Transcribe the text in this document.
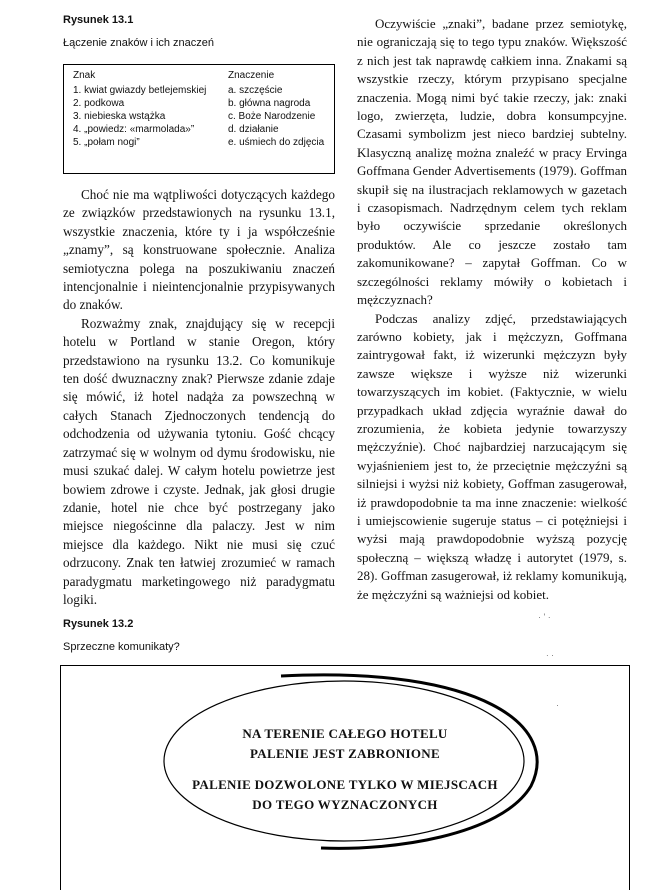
Rysunek 13.1
Łączenie znaków i ich znaczeń
Znak
1. kwiat gwiazdy betlejemskiej
2. podkowa
3. niebieska wstążka
4. „powiedz: «marmolada»”
5. „połam nogi”
Znaczenie
a. szczęście
b. główna nagroda
c. Boże Narodzenie
d. działanie
e. uśmiech do zdjęcia

Choć nie ma wątpliwości dotyczących każdego ze związków przedstawionych na rysunku 13.1, wszystkie znaczenia, które ty i ja współcześnie „znamy”, są konstruowane społecznie. Analiza semiotyczna polega na poszukiwaniu znaczeń intencjonalnie i nieintencjonalnie przypisywanych do znaków.

Rozważmy znak, znajdujący się w recepcji hotelu w Portland w stanie Oregon, który przedstawiono na rysunku 13.2. Co komunikuje ten dość dwuznaczny znak? Pierwsze zdanie zdaje się mówić, iż hotel nadąża za powszechną w całych Stanach Zjednoczonych tendencją do odchodzenia od używania tytoniu. Gość chcący zatrzymać się w wolnym od dymu środowisku, nie musi szukać dalej. W całym hotelu powietrze jest bowiem zdrowe i czyste. Jednak, jak głosi drugie zdanie, hotel nie chce być postrzegany jako miejsce niegościnne dla palaczy. Jest w nim miejsce dla każdego. Nikt nie musi się czuć odrzucony. Znak ten łatwiej zrozumieć w ramach paradygmatu marketingowego niż paradygmatu logiki.

Oczywiście „znaki”, badane przez semiotykę, nie ograniczają się to tego typu znaków. Większość z nich jest tak naprawdę całkiem inna. Znakami są wszystkie rzeczy, którym przypisano specjalne znaczenia. Mogą nimi być takie rzeczy, jak: znaki logo, zwierzęta, ludzie, dobra konsumpcyjne. Czasami symbolizm jest nieco bardziej subtelny. Klasyczną analizę można znaleźć w pracy Ervinga Goffmana Gender Advertisements (1979). Goffman skupił się na ilustracjach reklamowych w gazetach i czasopismach. Nadrzędnym celem tych reklam było oczywiście sprzedanie określonych produktów. Ale co jeszcze zostało tam zakomunikowane? – zapytał Goffman. Co w szczególności reklamy mówiły o kobietach i mężczyznach?

Podczas analizy zdjęć, przedstawiających zarówno kobiety, jak i mężczyzn, Goffmana zaintrygował fakt, iż wizerunki mężczyzn były zawsze większe i wyższe niż wizerunki towarzyszących im kobiet. (Faktycznie, w wielu przypadkach układ zdjęcia wyraźnie dawał do zrozumienia, że kobieta jedynie towarzyszy mężczyźnie). Choć najbardziej narzucającym się wyjaśnieniem jest to, że przeciętnie mężczyźni są silniejsi i wyżsi niż kobiety, Goffman zasugerował, iż prawdopodobnie ta ma inne znaczenie: wielkość i umiejscowienie sugeruje status – ci potężniejsi i wyżsi mają prawdopodobnie wyższą pozycję społeczną – większą władzę i autorytet (1979, s. 28). Goffman zasugerował, iż reklamy komunikują, że mężczyźni są ważniejsi od kobiet.

Rysunek 13.2
Sprzeczne komunikaty?
NA TERENIE CAŁEGO HOTELU
PALENIE JEST ZABRONIONE
PALENIE DOZWOLONE TYLKO W MIEJSCACH
DO TEGO WYZNACZONYCH
· ' ·
∙ ·
·
